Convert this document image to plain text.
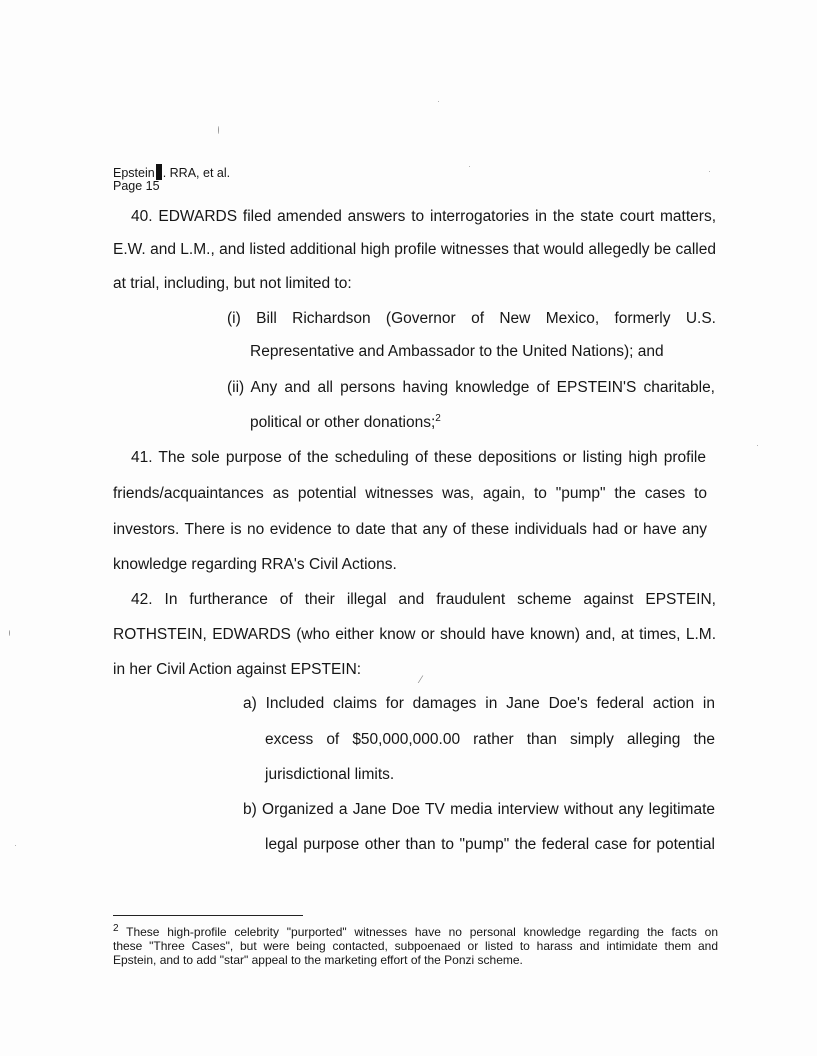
⁄
Epstein . RRA, et al.
Page 15
40. EDWARDS filed amended answers to interrogatories in the state court matters,
E.W. and L.M., and listed additional high profile witnesses that would allegedly be called
at trial, including, but not limited to:
(i) Bill Richardson (Governor of New Mexico, formerly U.S.
Representative and Ambassador to the United Nations); and
(ii) Any and all persons having knowledge of EPSTEIN'S charitable,
political or other donations;$^2$
41. The sole purpose of the scheduling of these depositions or listing high profile
friends/acquaintances as potential witnesses was, again, to "pump" the cases to
investors. There is no evidence to date that any of these individuals had or have any
knowledge regarding RRA's Civil Actions.
42. In furtherance of their illegal and fraudulent scheme against EPSTEIN,
ROTHSTEIN, EDWARDS (who either know or should have known) and, at times, L.M.
in her Civil Action against EPSTEIN:
a) Included claims for damages in Jane Doe's federal action in
excess of $50,000,000.00 rather than simply alleging the
jurisdictional limits.
b) Organized a Jane Doe TV media interview without any legitimate
legal purpose other than to "pump" the federal case for potential
$^2$ These high-profile celebrity "purported" witnesses have no personal knowledge regarding the facts on
these "Three Cases", but were being contacted, subpoenaed or listed to harass and intimidate them and
Epstein, and to add "star" appeal to the marketing effort of the Ponzi scheme.
